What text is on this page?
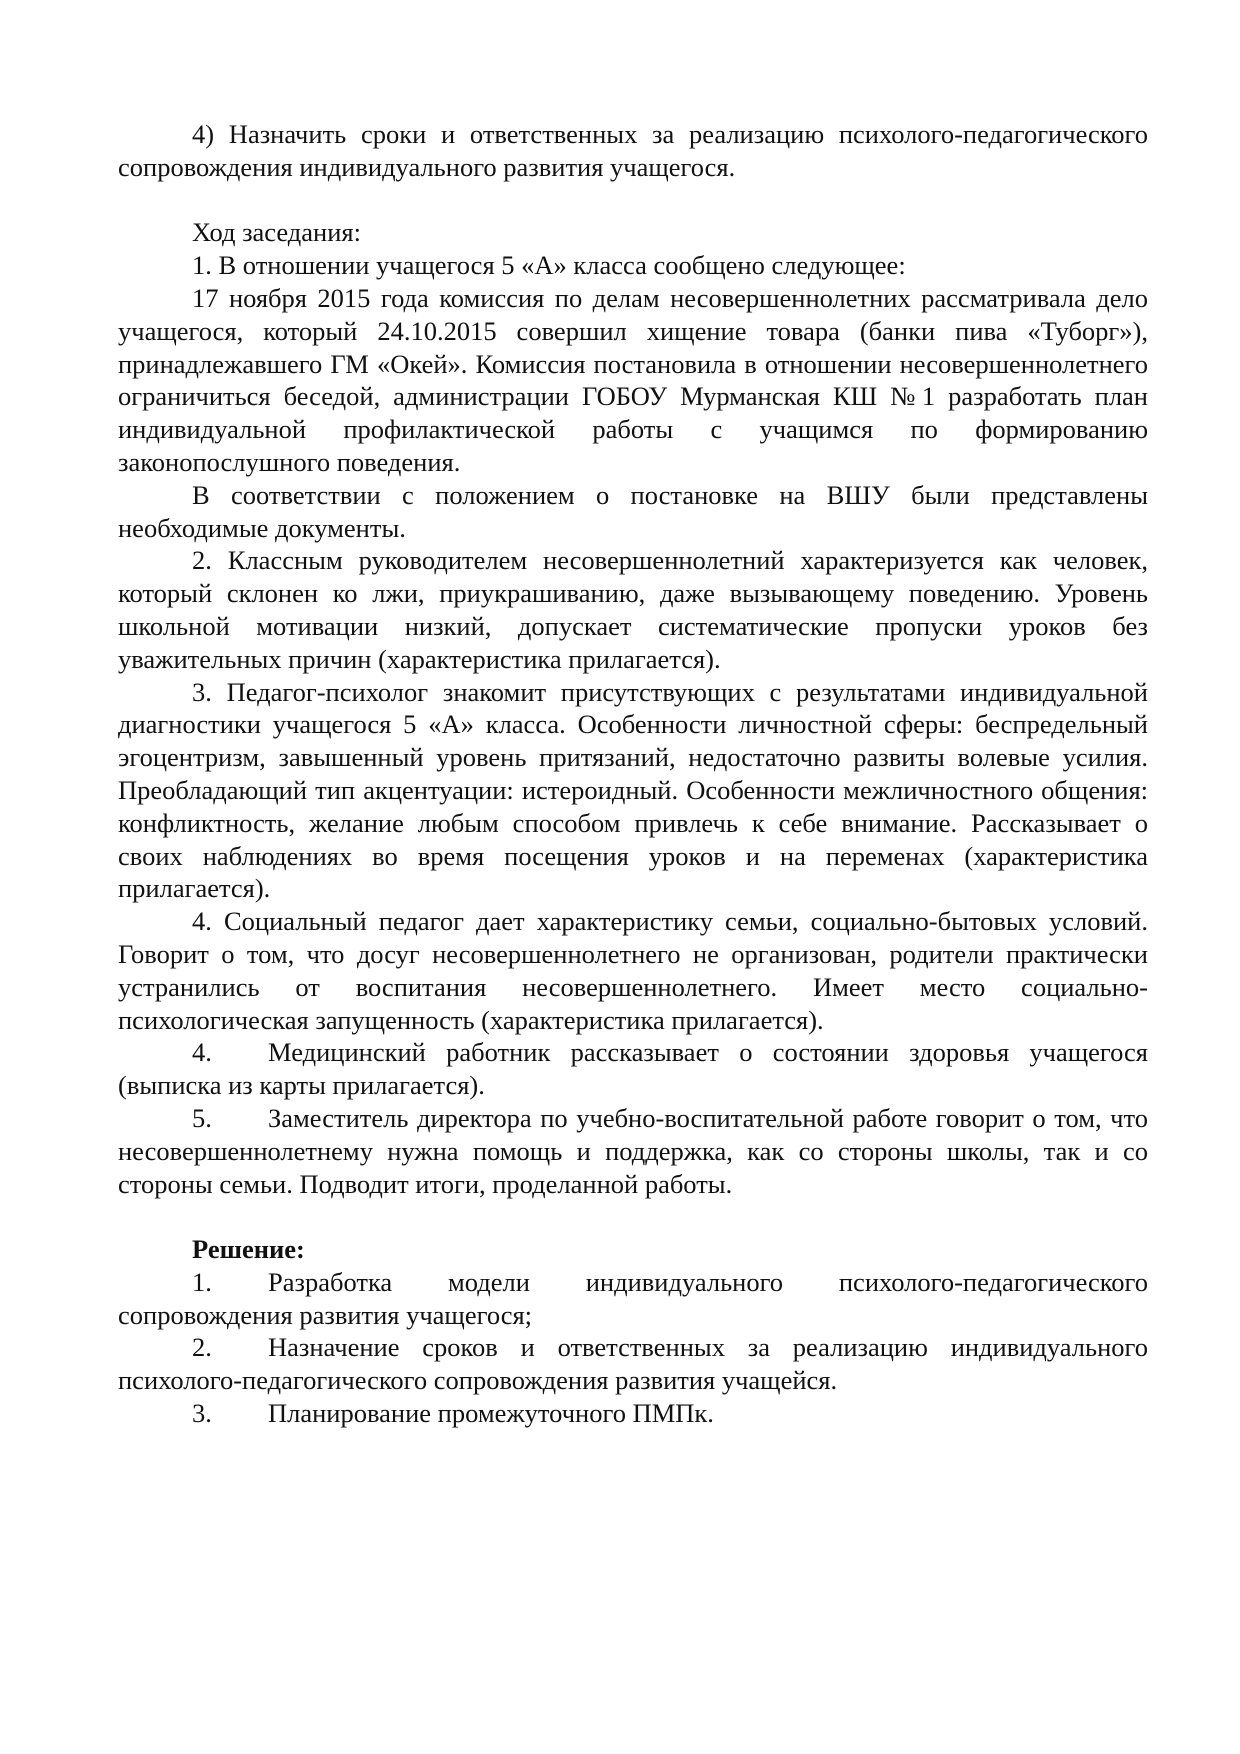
4) Назначить сроки и ответственных за реализацию психолого-педагогического сопровождения индивидуального развития учащегося.

Ход заседания:

1. В отношении учащегося 5 «А» класса сообщено следующее:

17 ноября 2015 года комиссия по делам несовершеннолетних рассматривала дело учащегося, который 24.10.2015 совершил хищение товара (банки пива «Туборг»), принадлежавшего ГМ «Окей». Комиссия постановила в отношении несовершеннолетнего ограничиться беседой, администрации ГОБОУ Мурманская КШ №1 разработать план индивидуальной профилактической работы с учащимся по формированию законопослушного поведения.

В соответствии с положением о постановке на ВШУ были представлены необходимые документы.

2. Классным руководителем несовершеннолетний характеризуется как человек, который склонен ко лжи, приукрашиванию, даже вызывающему поведению. Уровень школьной мотивации низкий, допускает систематические пропуски уроков без уважительных причин (характеристика прилагается).

3. Педагог-психолог знакомит присутствующих с результатами индивидуальной диагностики учащегося 5 «А» класса. Особенности личностной сферы: беспредельный эгоцентризм, завышенный уровень притязаний, недостаточно развиты волевые усилия. Преобладающий тип акцентуации: истероидный. Особенности межличностного общения: конфликтность, желание любым способом привлечь к себе внимание. Рассказывает о своих наблюдениях во время посещения уроков и на переменах (характеристика прилагается).

4. Социальный педагог дает характеристику семьи, социально-бытовых условий. Говорит о том, что досуг несовершеннолетнего не организован, родители практически устранились от воспитания несовершеннолетнего. Имеет место социально-психологическая запущенность (характеристика прилагается).

4. Медицинский работник рассказывает о состоянии здоровья учащегося (выписка из карты прилагается).

5. Заместитель директора по учебно-воспитательной работе говорит о том, что несовершеннолетнему нужна помощь и поддержка, как со стороны школы, так и со стороны семьи. Подводит итоги, проделанной работы.

Решение:

1. Разработка модели индивидуального психолого-педагогического сопровождения развития учащегося;

2. Назначение сроков и ответственных за реализацию индивидуального психолого-педагогического сопровождения развития учащейся.

3. Планирование промежуточного ПМПк.
